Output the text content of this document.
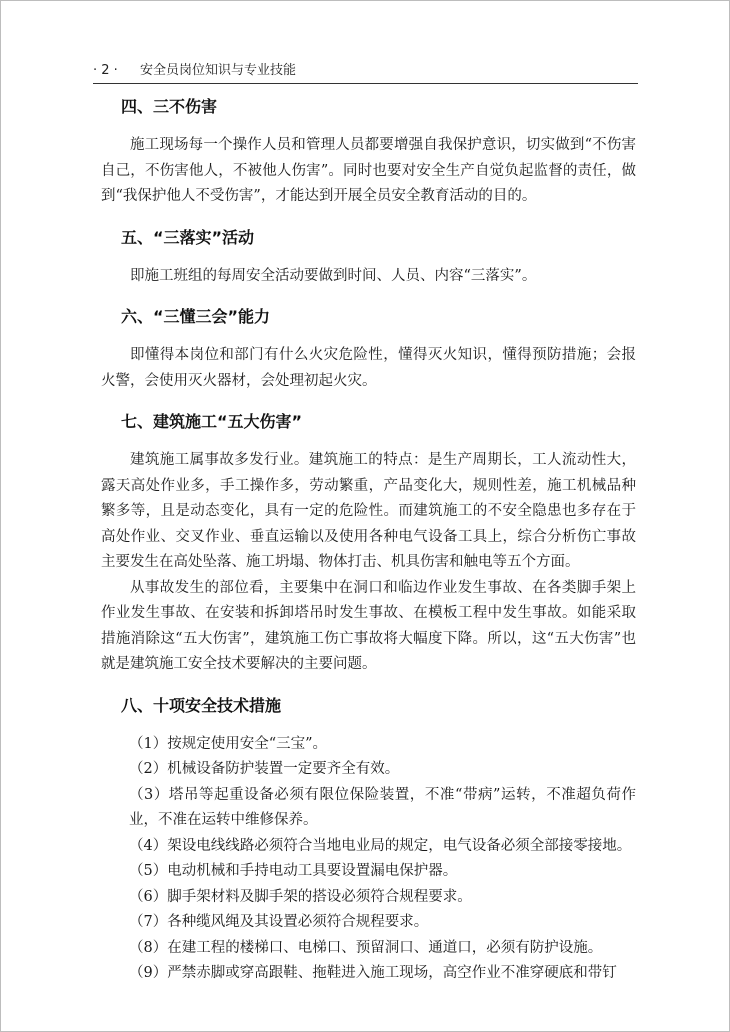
· 2 · 安全员岗位知识与专业技能
四、三不伤害

施工现场每一个操作人员和管理人员都要增强自我保护意识，切实做到“不伤害自己，不伤害他人，不被他人伤害”。同时也要对安全生产自觉负起监督的责任，做到“我保护他人不受伤害”，才能达到开展全员安全教育活动的目的。

五、“三落实”活动

即施工班组的每周安全活动要做到时间、人员、内容“三落实”。

六、“三懂三会”能力

即懂得本岗位和部门有什么火灾危险性，懂得灭火知识，懂得预防措施；会报火警，会使用灭火器材，会处理初起火灾。

七、建筑施工“五大伤害”

建筑施工属事故多发行业。建筑施工的特点：是生产周期长，工人流动性大，露天高处作业多，手工操作多，劳动繁重，产品变化大，规则性差，施工机械品种繁多等，且是动态变化，具有一定的危险性。而建筑施工的不安全隐患也多存在于高处作业、交叉作业、垂直运输以及使用各种电气设备工具上，综合分析伤亡事故主要发生在高处坠落、施工坍塌、物体打击、机具伤害和触电等五个方面。

从事故发生的部位看，主要集中在洞口和临边作业发生事故、在各类脚手架上作业发生事故、在安装和拆卸塔吊时发生事故、在模板工程中发生事故。如能采取措施消除这“五大伤害”，建筑施工伤亡事故将大幅度下降。所以，这“五大伤害”也就是建筑施工安全技术要解决的主要问题。

八、十项安全技术措施

（1）按规定使用安全“三宝”。

（2）机械设备防护装置一定要齐全有效。

（3）塔吊等起重设备必须有限位保险装置，不准“带病”运转，不准超负荷作业，不准在运转中维修保养。

（4）架设电线线路必须符合当地电业局的规定，电气设备必须全部接零接地。

（5）电动机械和手持电动工具要设置漏电保护器。

（6）脚手架材料及脚手架的搭设必须符合规程要求。

（7）各种缆风绳及其设置必须符合规程要求。

（8）在建工程的楼梯口、电梯口、预留洞口、通道口，必须有防护设施。

（9）严禁赤脚或穿高跟鞋、拖鞋进入施工现场，高空作业不准穿硬底和带钉
